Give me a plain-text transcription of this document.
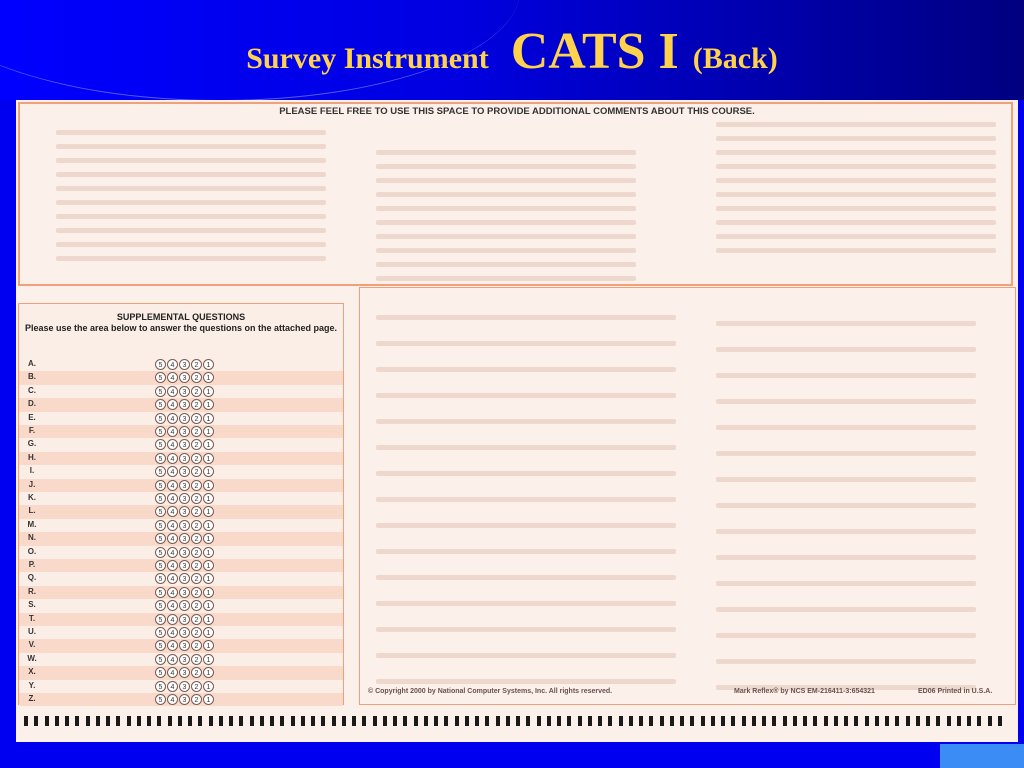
Survey Instrument CATS I (Back)
PLEASE FEEL FREE TO USE THIS SPACE TO PROVIDE ADDITIONAL COMMENTS ABOUT THIS COURSE.
SUPPLEMENTAL QUESTIONS
Please use the area below to answer the questions on the attached page.
A.	5	4	3	2	1
B.	5	4	3	2	1
C.	5	4	3	2	1
D.	5	4	3	2	1
E.	5	4	3	2	1
F.	5	4	3	2	1
G.	5	4	3	2	1
H.	5	4	3	2	1
I.	5	4	3	2	1
J.	5	4	3	2	1
K.	5	4	3	2	1
L.	5	4	3	2	1
M.	5	4	3	2	1
N.	5	4	3	2	1
O.	5	4	3	2	1
P.	5	4	3	2	1
Q.	5	4	3	2	1
R.	5	4	3	2	1
S.	5	4	3	2	1
T.	5	4	3	2	1
U.	5	4	3	2	1
V.	5	4	3	2	1
W.	5	4	3	2	1
X.	5	4	3	2	1
Y.	5	4	3	2	1
Z.	5	4	3	2	1
© Copyright 2000 by National Computer Systems, Inc. All rights reserved.	Mark Reflex® by NCS EM-216411-3:654321	ED06 Printed in U.S.A.
